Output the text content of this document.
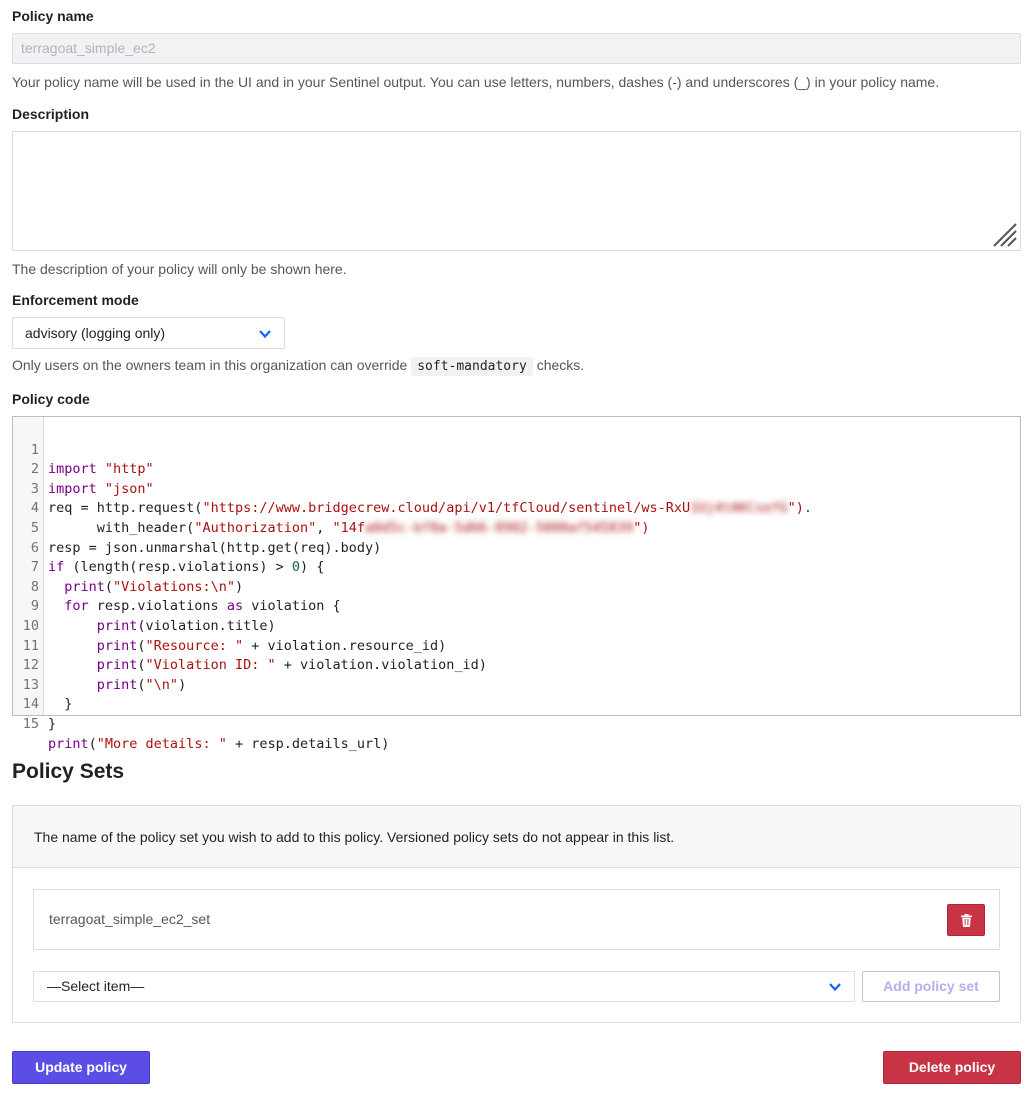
Policy name
terragoat_simple_ec2
Your policy name will be used in the UI and in your Sentinel output. You can use letters, numbers, dashes (-) and underscores (_) in your policy name.
Description
The description of your policy will only be shown here.
Enforcement mode
advisory (logging only)
Only users on the owners team in this organization can override soft-mandatory checks.
Policy code

1

import "http"

2

import "json"

3

req = http.request("https://www.bridgecrew.cloud/api/v1/tfCloud/sentinel/ws-RxU1Uj4tAKCsefG").

4

with_header("Authorization", "14fa0d5c-bf8a-5d66-8982-5000af545839")

5

resp = json.unmarshal(http.get(req).body)

6

if (length(resp.violations) > 0) {

7

print("Violations:\n")

8

for resp.violations as violation {

9

print(violation.title)

10

print("Resource: " + violation.resource_id)

11

print("Violation ID: " + violation.violation_id)

12

print("\n")

13

}

14

}

15

print("More details: " + resp.details_url)

Policy Sets
The name of the policy set you wish to add to this policy. Versioned policy sets do not appear in this list.
terragoat_simple_ec2_set
—Select item—	Add policy set
Update policy	Delete policy
